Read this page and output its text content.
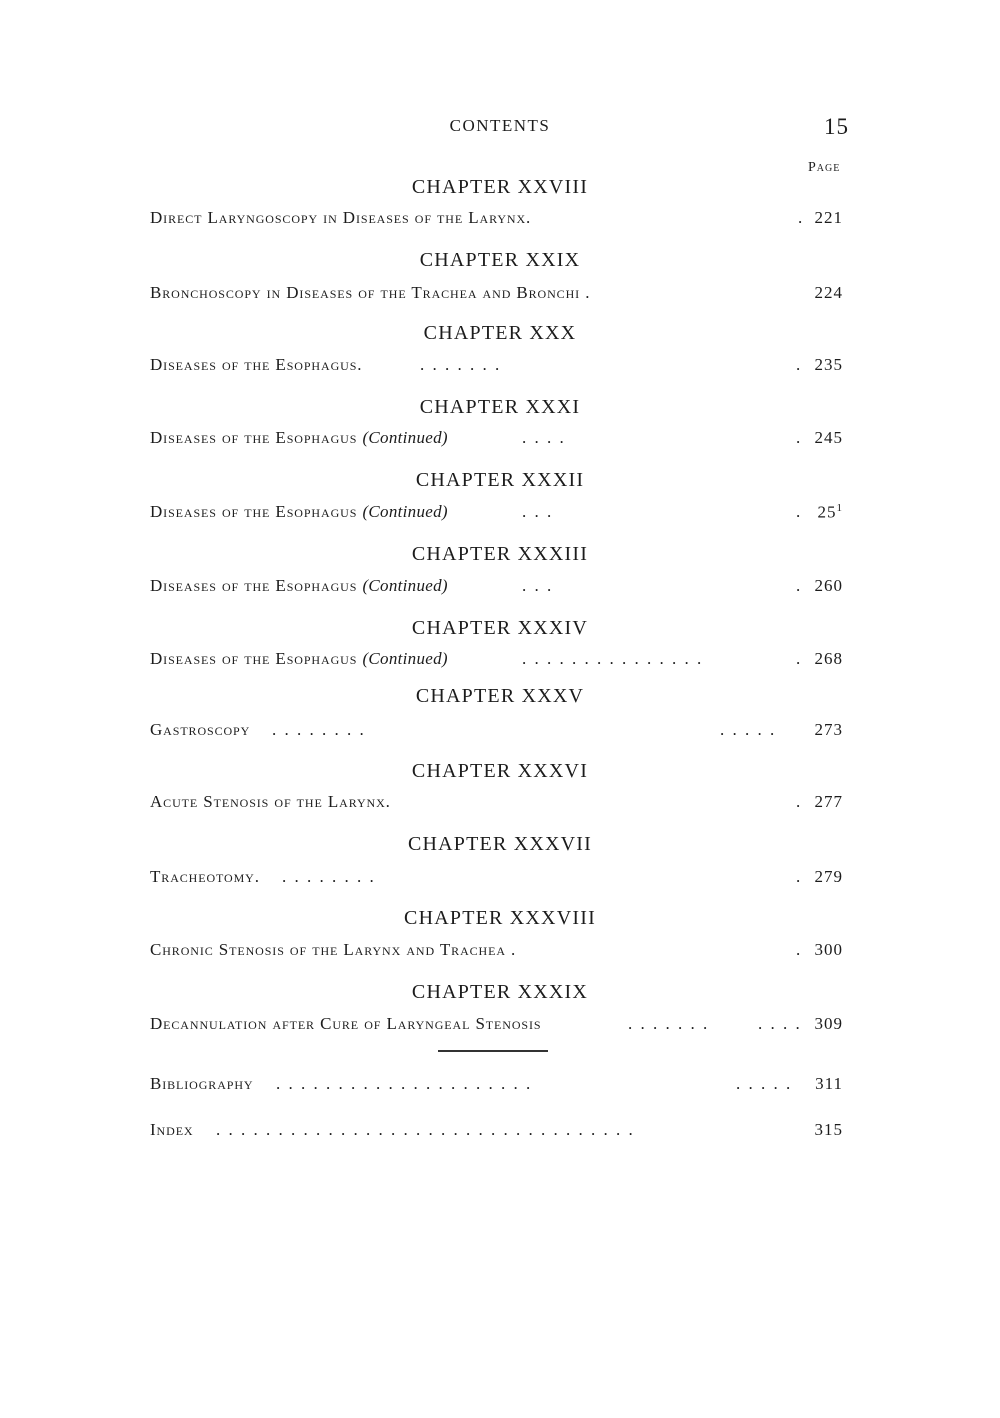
CONTENTS	15
Page
CHAPTER XXVIII
Direct Laryngoscopy in Diseases of the Larynx.	. 221
CHAPTER XXIX
Bronchoscopy in Diseases of the Trachea and Bronchi .	224
CHAPTER XXX
Diseases of the Esophagus.	. . . . . . .	. 235
CHAPTER XXXI
Diseases of the Esophagus (Continued)	. . . .	. 245
CHAPTER XXXII
Diseases of the Esophagus (Continued)	. . .	. $25^1$
CHAPTER XXXIII
Diseases of the Esophagus (Continued)	. . .	. 260
CHAPTER XXXIV
Diseases of the Esophagus (Continued)	. . . . . . . . . . . . . . .	. 268
CHAPTER XXXV
Gastroscopy . . . . . . . .	. . . . . 273
CHAPTER XXXVI
Acute Stenosis of the Larynx.	. 277
CHAPTER XXXVII
Tracheotomy. . . . . . . . .	. 279
CHAPTER XXXVIII
Chronic Stenosis of the Larynx and Trachea .	. 300
CHAPTER XXXIX
Decannulation after Cure of Laryngeal Stenosis	. . . . . . .	. . . . 309
Bibliography . . . . . . . . . . . . . . . . . . . . .	. . . . . 311
Index . . . . . . . . . . . . . . . . . . . . . . . . . . . . . . . . . .	315
